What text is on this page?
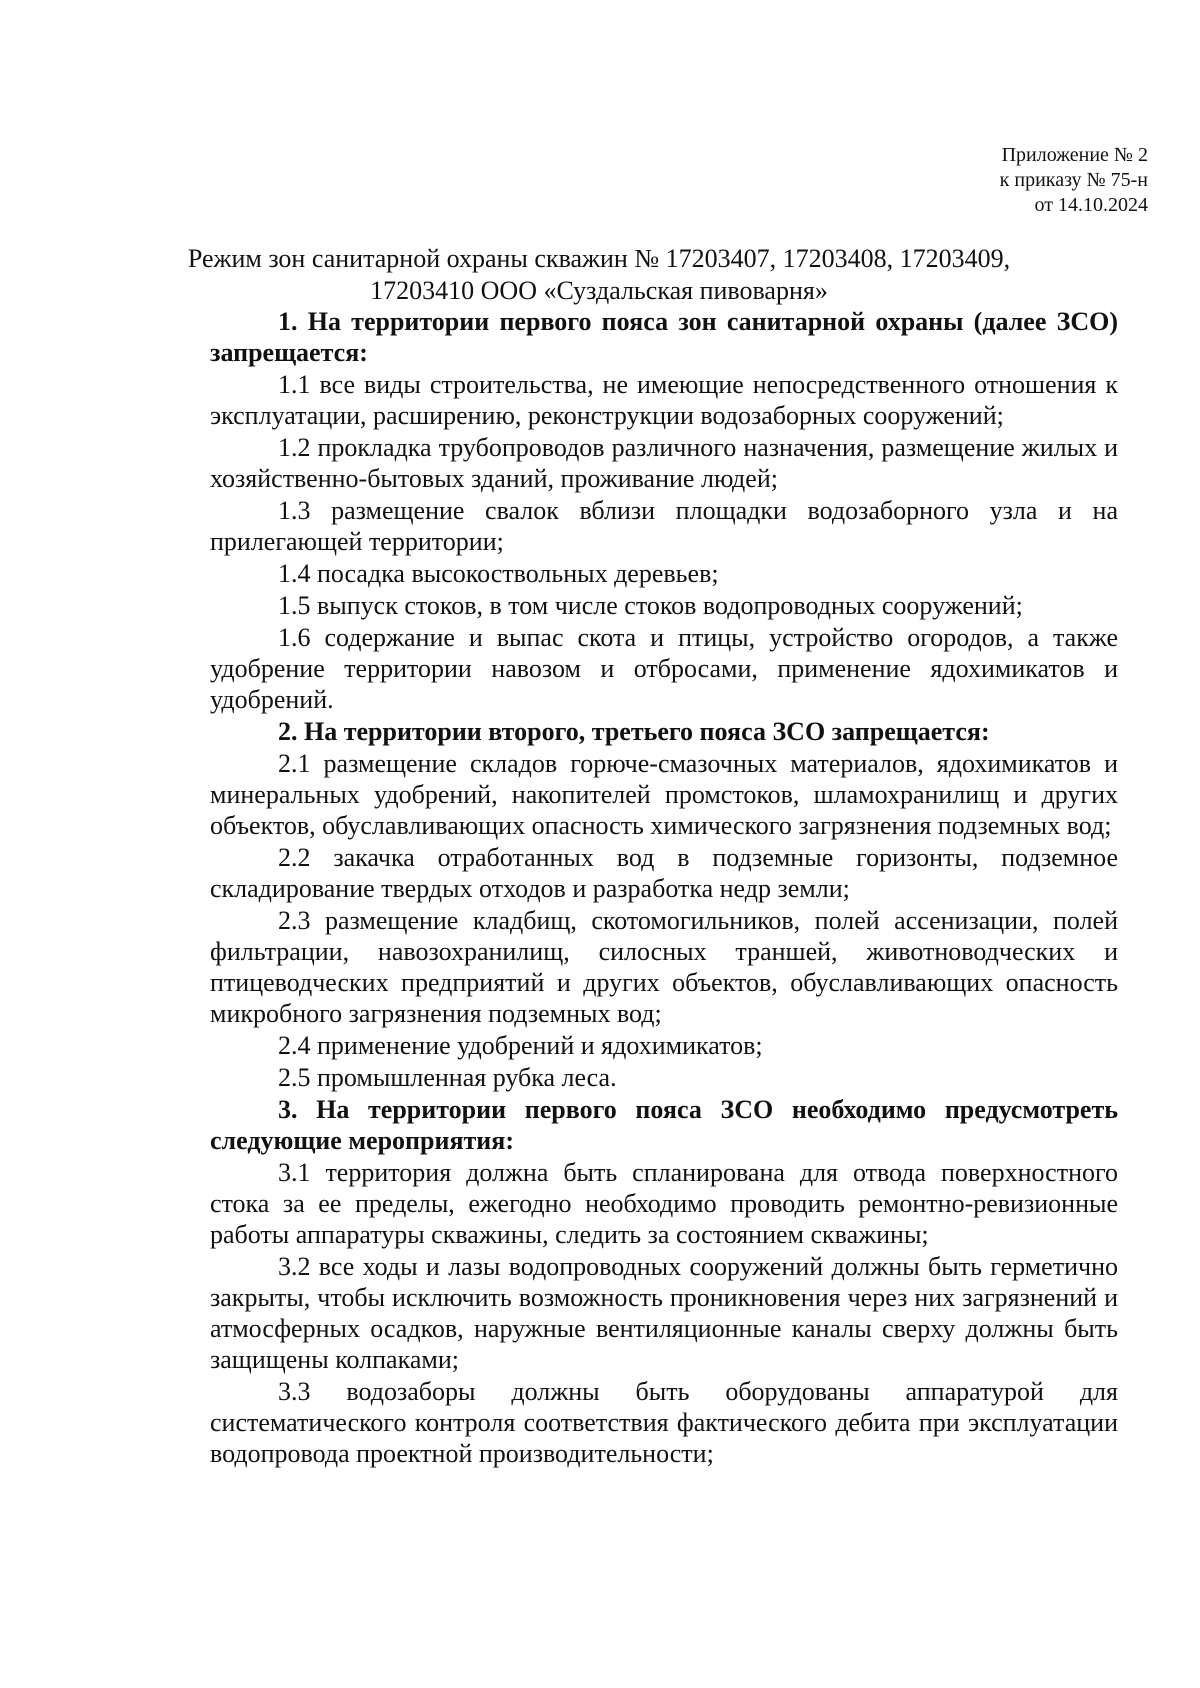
Приложение № 2
к приказу № 75-н
от 14.10.2024
Режим зон санитарной охраны скважин № 17203407, 17203408, 17203409,
17203410 ООО «Суздальская пивоварня»

1. На территории первого пояса зон санитарной охраны (далее ЗСО) запрещается:

1.1 все виды строительства, не имеющие непосредственного отношения к эксплуатации, расширению, реконструкции водозаборных сооружений;

1.2 прокладка трубопроводов различного назначения, размещение жилых и хозяйственно-бытовых зданий, проживание людей;

1.3 размещение свалок вблизи площадки водозаборного узла и на прилегающей территории;

1.4 посадка высокоствольных деревьев;

1.5 выпуск стоков, в том числе стоков водопроводных сооружений;

1.6 содержание и выпас скота и птицы, устройство огородов, а также удобрение территории навозом и отбросами, применение ядохимикатов и удобрений.

2. На территории второго, третьего пояса ЗСО запрещается:

2.1 размещение складов горюче-смазочных материалов, ядохимикатов и минеральных удобрений, накопителей промстоков, шламохранилищ и других объектов, обуславливающих опасность химического загрязнения подземных вод;

2.2 закачка отработанных вод в подземные горизонты, подземное складирование твердых отходов и разработка недр земли;

2.3 размещение кладбищ, скотомогильников, полей ассенизации, полей фильтрации, навозохранилищ, силосных траншей, животноводческих и птицеводческих предприятий и других объектов, обуславливающих опасность микробного загрязнения подземных вод;

2.4 применение удобрений и ядохимикатов;

2.5 промышленная рубка леса.

3. На территории первого пояса ЗСО необходимо предусмотреть следующие мероприятия:

3.1 территория должна быть спланирована для отвода поверхностного стока за ее пределы, ежегодно необходимо проводить ремонтно-ревизионные работы аппаратуры скважины, следить за состоянием скважины;

3.2 все ходы и лазы водопроводных сооружений должны быть герметично закрыты, чтобы исключить возможность проникновения через них загрязнений и атмосферных осадков, наружные вентиляционные каналы сверху должны быть защищены колпаками;

3.3 водозаборы должны быть оборудованы аппаратурой для систематического контроля соответствия фактического дебита при эксплуатации водопровода проектной производительности;
